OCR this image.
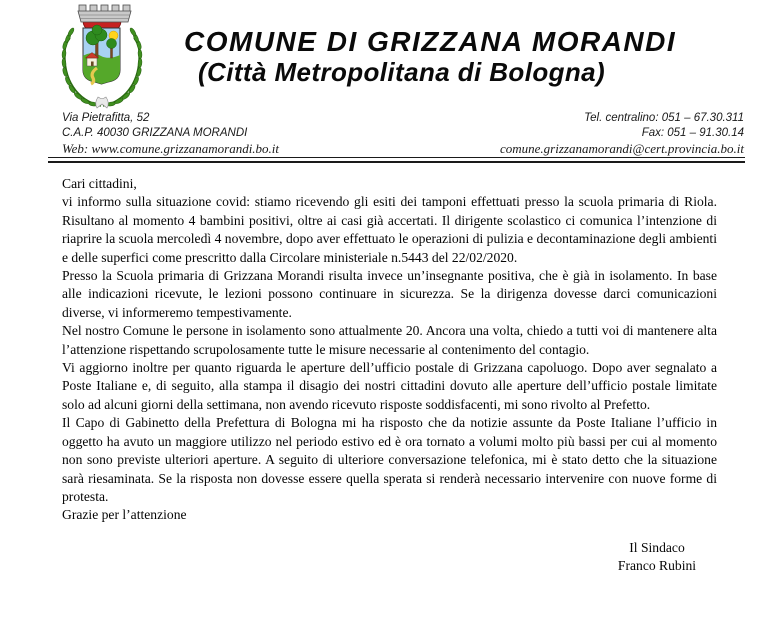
COMUNE DI GRIZZANA MORANDI
(Città Metropolitana di Bologna)
Via Pietrafitta, 52
C.A.P. 40030 GRIZZANA MORANDI
Web: www.comune.grizzanamorandi.bo.it
Tel. centralino: 051 – 67.30.311
Fax: 051 – 91.30.14
comune.grizzanamorandi@cert.provincia.bo.it

Cari cittadini,

vi informo sulla situazione covid: stiamo ricevendo gli esiti dei tamponi effettuati presso la scuola primaria di Riola. Risultano al momento 4 bambini positivi, oltre ai casi già accertati. Il dirigente scolastico ci comunica l’intenzione di riaprire la scuola mercoledì 4 novembre, dopo aver effettuato le operazioni di pulizia e decontaminazione degli ambienti e delle superfici come prescritto dalla Circolare ministeriale n.5443 del 22/02/2020.

Presso la Scuola primaria di Grizzana Morandi risulta invece un’insegnante positiva, che è già in isolamento. In base alle indicazioni ricevute, le lezioni possono continuare in sicurezza. Se la dirigenza dovesse darci comunicazioni diverse, vi informeremo tempestivamente.

Nel nostro Comune le persone in isolamento sono attualmente 20. Ancora una volta, chiedo a tutti voi di mantenere alta l’attenzione rispettando scrupolosamente tutte le misure necessarie al contenimento del contagio.

Vi aggiorno inoltre per quanto riguarda le aperture dell’ufficio postale di Grizzana capoluogo. Dopo aver segnalato a Poste Italiane e, di seguito, alla stampa il disagio dei nostri cittadini dovuto alle aperture dell’ufficio postale limitate solo ad alcuni giorni della settimana, non avendo ricevuto risposte soddisfacenti, mi sono rivolto al Prefetto.

Il Capo di Gabinetto della Prefettura di Bologna mi ha risposto che da notizie assunte da Poste Italiane l’ufficio in oggetto ha avuto un maggiore utilizzo nel periodo estivo ed è ora tornato a volumi molto più bassi per cui al momento non sono previste ulteriori aperture. A seguito di ulteriore conversazione telefonica, mi è stato detto che la situazione sarà riesaminata. Se la risposta non dovesse essere quella sperata si renderà necessario intervenire con nuove forme di protesta.

Grazie per l’attenzione

Il Sindaco
Franco Rubini
